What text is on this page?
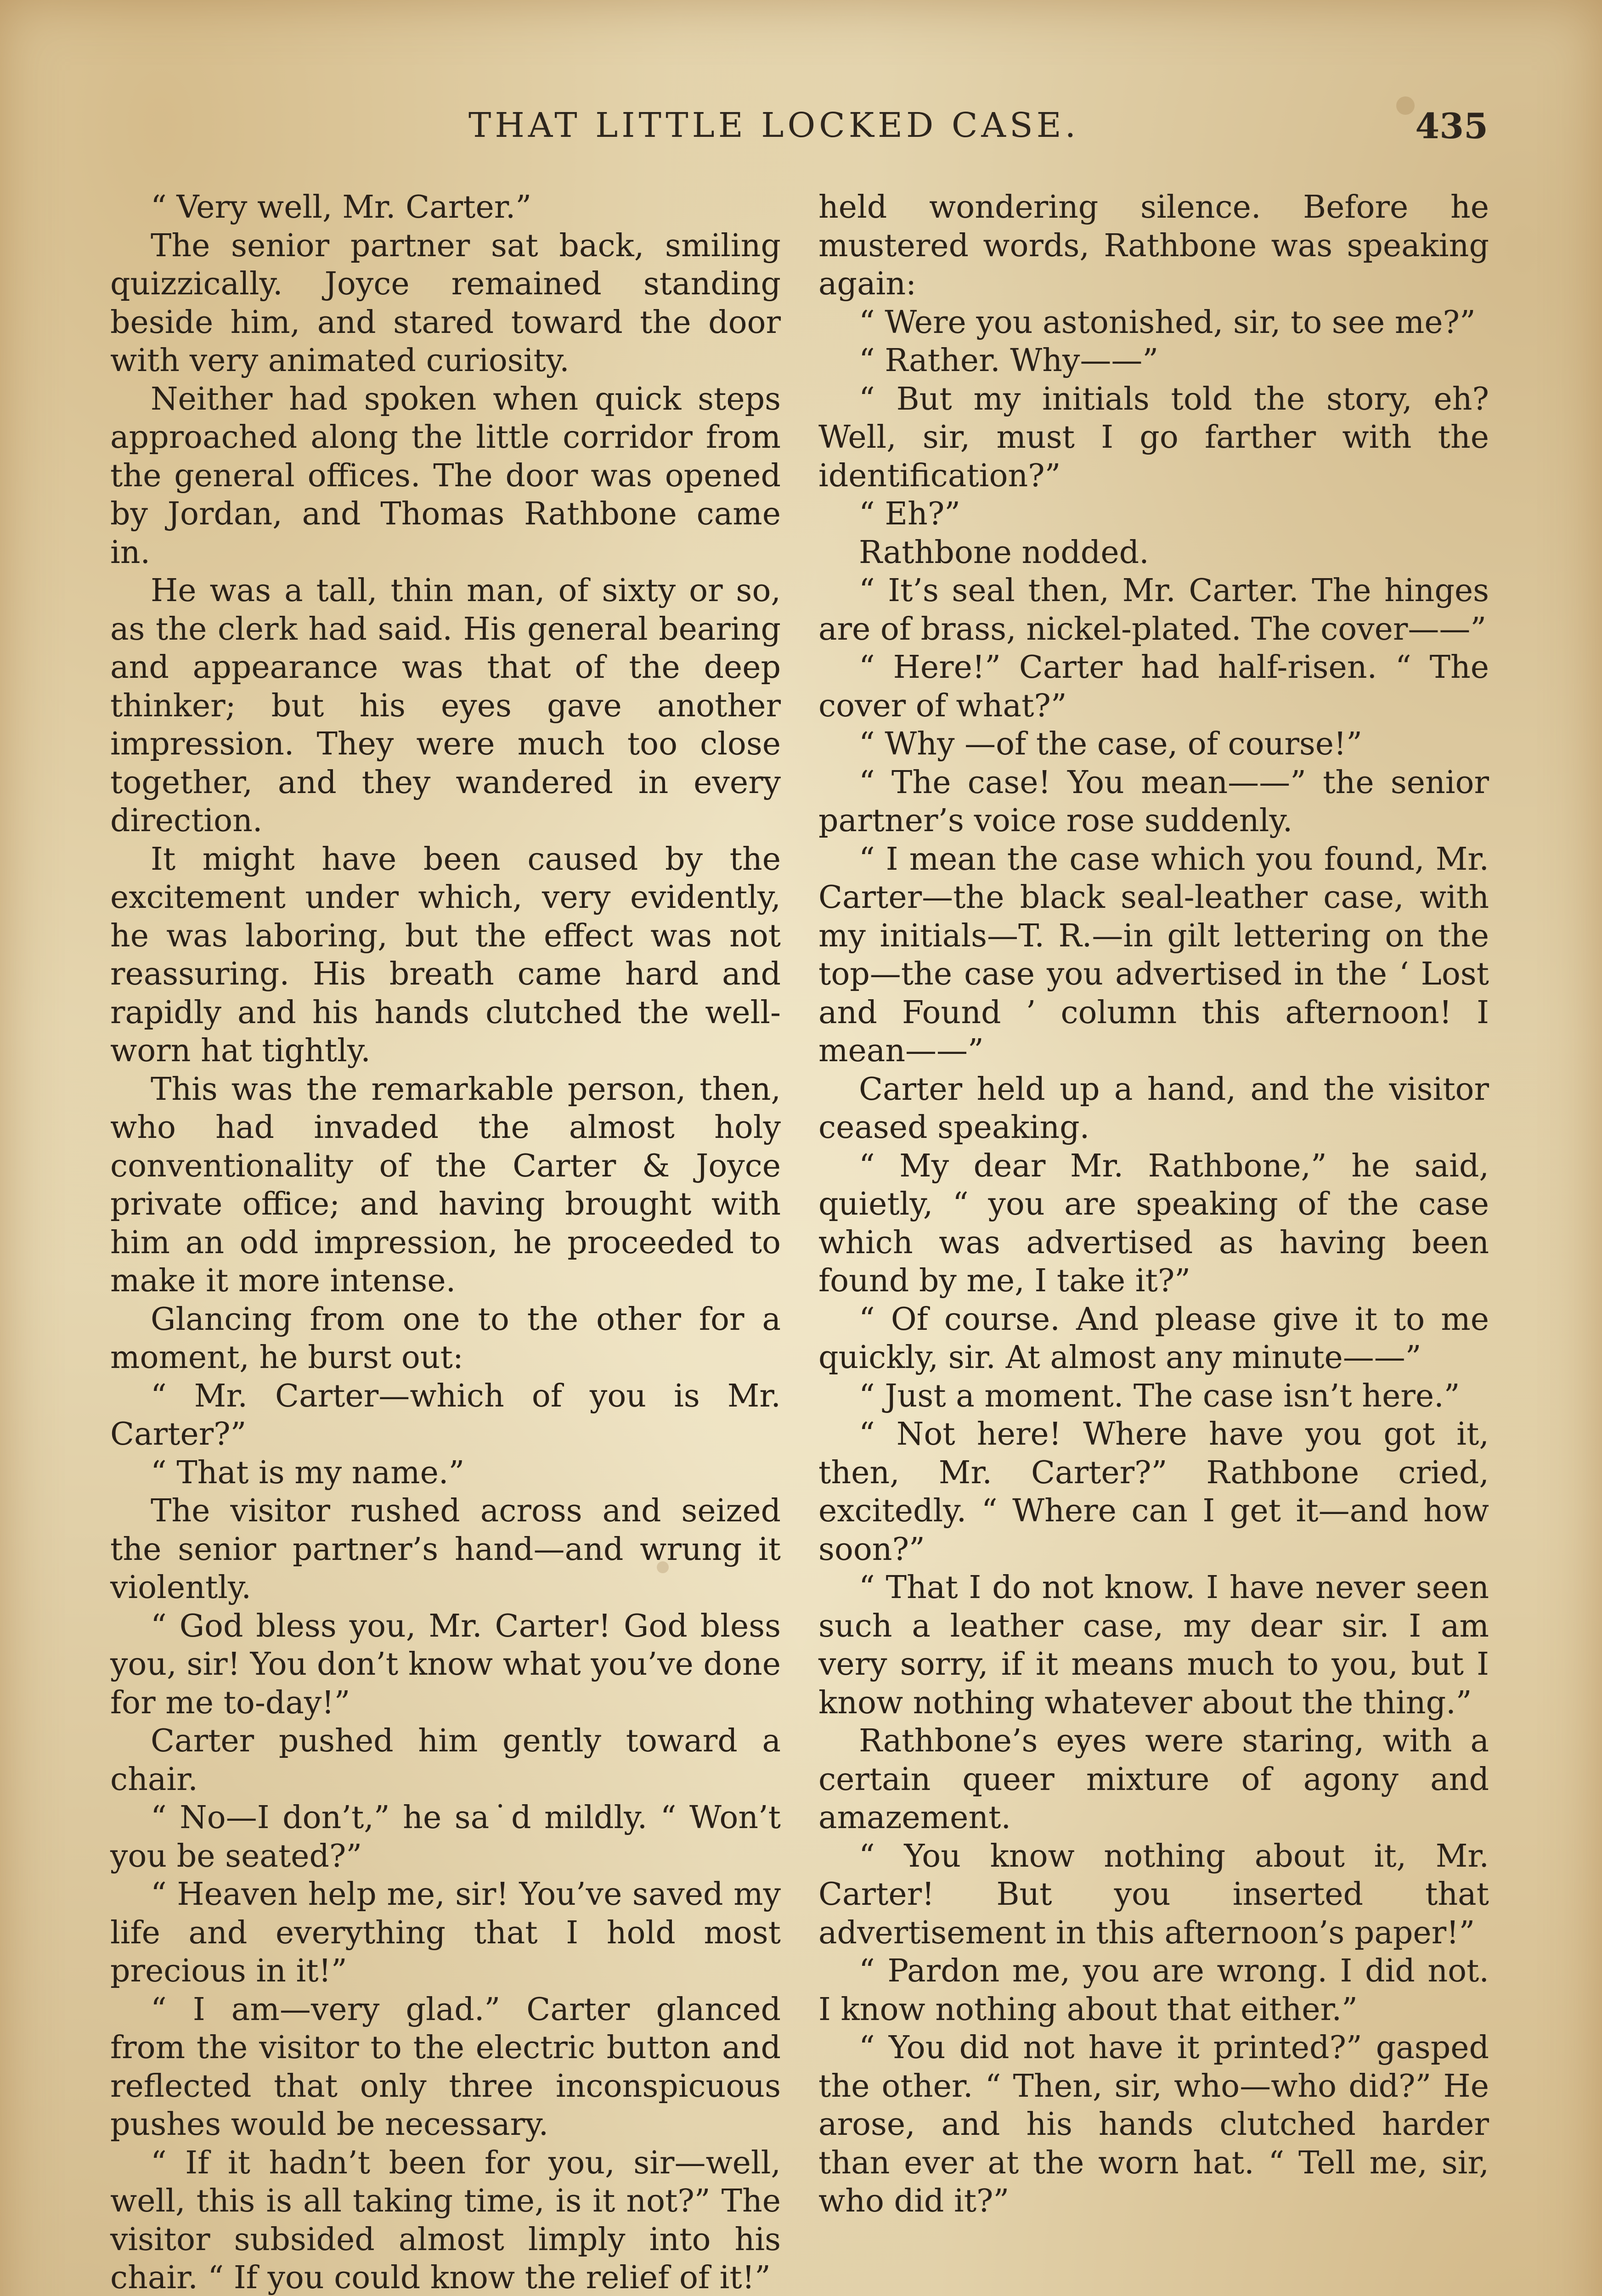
THAT LITTLE LOCKED CASE.	435

“ Very well, Mr. Carter.”

The senior partner sat back, smiling quizzically. Joyce remained standing beside him, and stared toward the door with very animated curiosity.

Neither had spoken when quick steps approached along the little corridor from the general offices. The door was opened by Jordan, and Thomas Rathbone came in.

He was a tall, thin man, of sixty or so, as the clerk had said. His general bearing and appearance was that of the deep thinker; but his eyes gave another impression. They were much too close together, and they wandered in every direction.

It might have been caused by the excitement under which, very evidently, he was laboring, but the effect was not reassuring. His breath came hard and rapidly and his hands clutched the well-worn hat tightly.

This was the remarkable person, then, who had invaded the almost holy conventionality of the Carter & Joyce private office; and having brought with him an odd impression, he proceeded to make it more intense.

Glancing from one to the other for a moment, he burst out:

“ Mr. Carter—which of you is Mr. Carter?”

“ That is my name.”

The visitor rushed across and seized the senior partner’s hand—and wrung it violently.

“ God bless you, Mr. Carter! God bless you, sir! You don’t know what you’ve done for me to-day!”

Carter pushed him gently toward a chair.

“ No—I don’t,” he sa˙d mildly. “ Won’t you be seated?”

“ Heaven help me, sir! You’ve saved my life and everything that I hold most precious in it!”

“ I am—very glad.” Carter glanced from the visitor to the electric button and reflected that only three inconspicuous pushes would be necessary.

“ If it hadn’t been for you, sir—well, well, this is all taking time, is it not?” The visitor subsided almost limply into his chair. “ If you could know the relief of it!”

held wondering silence. Before he mustered words, Rathbone was speaking again:

“ Were you astonished, sir, to see me?”

“ Rather. Why——”

“ But my initials told the story, eh? Well, sir, must I go farther with the identification?”

“ Eh?”

Rathbone nodded.

“ It’s seal then, Mr. Carter. The hinges are of brass, nickel-plated. The cover——”

“ Here!” Carter had half-risen. “ The cover of what?”

“ Why —of the case, of course!”

“ The case! You mean——” the senior partner’s voice rose suddenly.

“ I mean the case which you found, Mr. Carter—the black seal-leather case, with my initials—T. R.—in gilt lettering on the top—the case you advertised in the ‘ Lost and Found ’ column this afternoon! I mean——”

Carter held up a hand, and the visitor ceased speaking.

“ My dear Mr. Rathbone,” he said, quietly, “ you are speaking of the case which was advertised as having been found by me, I take it?”

“ Of course. And please give it to me quickly, sir. At almost any minute——”

“ Just a moment. The case isn’t here.”

“ Not here! Where have you got it, then, Mr. Carter?” Rathbone cried, excitedly. “ Where can I get it—and how soon?”

“ That I do not know. I have never seen such a leather case, my dear sir. I am very sorry, if it means much to you, but I know nothing whatever about the thing.”

Rathbone’s eyes were staring, with a certain queer mixture of agony and amazement.

“ You know nothing about it, Mr. Carter! But you inserted that advertisement in this afternoon’s paper!”

“ Pardon me, you are wrong. I did not. I know nothing about that either.”

“ You did not have it printed?” gasped the other. “ Then, sir, who—who did?” He arose, and his hands clutched harder than ever at the worn hat. “ Tell me, sir, who did it?”
